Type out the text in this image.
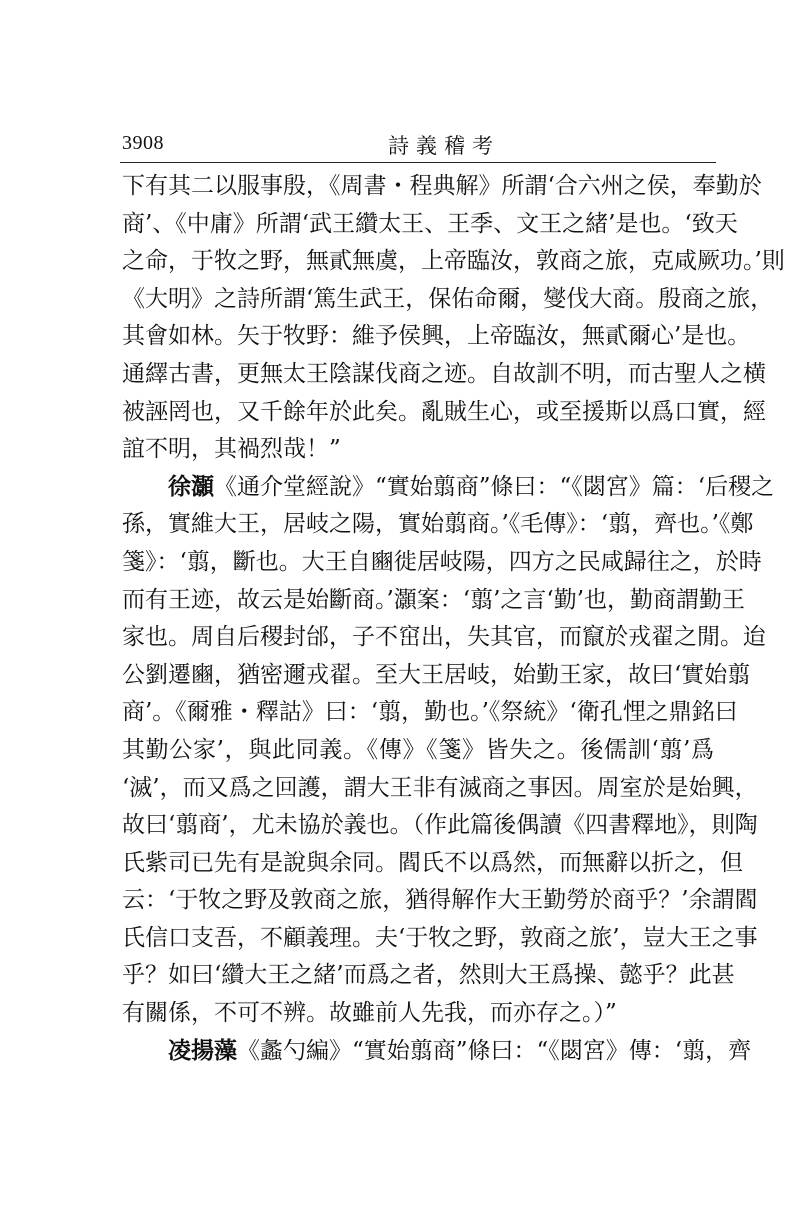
3908	詩義稽考
下有其二以服事殷，《周書・程典解》所謂‘合六州之侯，奉勤於
商’、《中庸》所謂‘武王纘太王、王季、文王之緒’是也。‘致天
之命，于牧之野，無貳無虞，上帝臨汝，敦商之旅，克咸厥功。’則
《大明》之詩所謂‘篤生武王，保佑命爾，燮伐大商。殷商之旅，
其會如林。矢于牧野：維予侯興，上帝臨汝，無貳爾心’是也。
通繹古書，更無太王陰謀伐商之迹。自故訓不明，而古聖人之横
被誣罔也，又千餘年於此矣。亂賊生心，或至援斯以爲口實，經
誼不明，其禍烈哉！”
徐灝《通介堂經說》“實始翦商”條曰：“《閟宮》篇：‘后稷之
孫，實維大王，居岐之陽，實始翦商。’《毛傳》：‘翦，齊也。’《鄭
箋》：‘翦，斷也。大王自豳徙居岐陽，四方之民咸歸往之，於時
而有王迹，故云是始斷商。’灝案：‘翦’之言‘勤’也，勤商謂勤王
家也。周自后稷封邰，子不窋出，失其官，而竄於戎翟之閒。迨
公劉遷豳，猶密邇戎翟。至大王居岐，始勤王家，故曰‘實始翦
商’。《爾雅・釋詁》曰：‘翦，勤也。’《祭統》‘衛孔悝之鼎銘曰
其勤公家’，與此同義。《傳》《箋》皆失之。後儒訓‘翦’爲
‘滅’，而又爲之回護，謂大王非有滅商之事因。周室於是始興，
故曰‘翦商’，尤未協於義也。（作此篇後偶讀《四書釋地》，則陶
氏紫司已先有是說與余同。閻氏不以爲然，而無辭以折之，但
云：‘于牧之野及敦商之旅，猶得解作大王勤勞於商乎？’余謂閻
氏信口支吾，不顧義理。夫‘于牧之野，敦商之旅’，豈大王之事
乎？如曰‘纘大王之緒’而爲之者，然則大王爲操、懿乎？此甚
有關係，不可不辨。故雖前人先我，而亦存之。）”
凌揚藻《蠡勺編》“實始翦商”條曰：“《閟宮》傳：‘翦，齊
